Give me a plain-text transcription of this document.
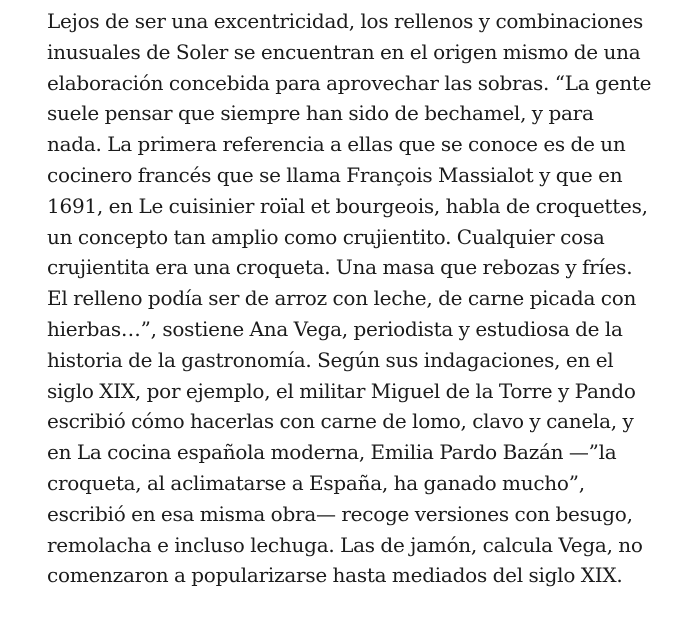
Lejos de ser una excentricidad, los rellenos y combinaciones
inusuales de Soler se encuentran en el origen mismo de una
elaboración concebida para aprovechar las sobras. “La gente
suele pensar que siempre han sido de bechamel, y para
nada. La primera referencia a ellas que se conoce es de un
cocinero francés que se llama François Massialot y que en
1691, en Le cuisinier roïal et bourgeois, habla de croquettes,
un concepto tan amplio como crujientito. Cualquier cosa
crujientita era una croqueta. Una masa que rebozas y fríes.
El relleno podía ser de arroz con leche, de carne picada con
hierbas…”, sostiene Ana Vega, periodista y estudiosa de la
historia de la gastronomía. Según sus indagaciones, en el
siglo XIX, por ejemplo, el militar Miguel de la Torre y Pando
escribió cómo hacerlas con carne de lomo, clavo y canela, y
en La cocina española moderna, Emilia Pardo Bazán —”la
croqueta, al aclimatarse a España, ha ganado mucho”,
escribió en esa misma obra— recoge versiones con besugo,
remolacha e incluso lechuga. Las de jamón, calcula Vega, no
comenzaron a popularizarse hasta mediados del siglo XIX.
